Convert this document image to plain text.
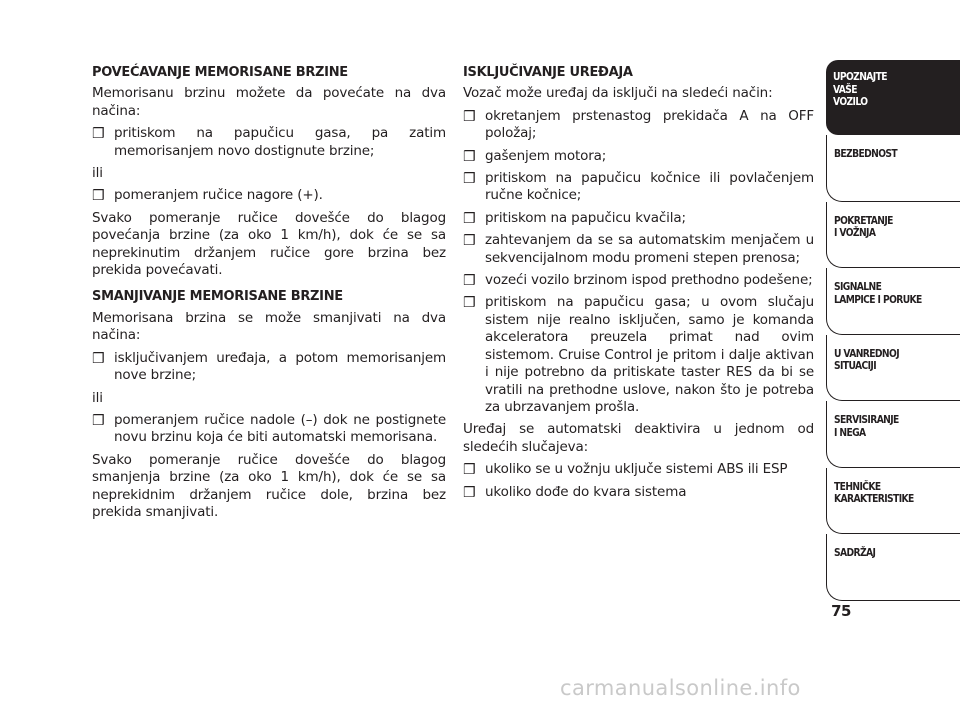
POVEĆAVANJE MEMORISANE BRZINE
Memorisanu brzinu možete da povećate na dva načina:
❒ pritiskom na papučicu gasa, pa zatim memorisanjem novo dostignute brzine;
ili
❒ pomeranjem ručice nagore (+).
Svako pomeranje ručice dovešće do blagog povećanja brzine (za oko 1 km/h), dok će se sa neprekinutim držanjem ručice gore brzina bez prekida povećavati.
SMANJIVANJE MEMORISANE BRZINE
Memorisana brzina se može smanjivati na dva načina:
❒ isključivanjem uređaja, a potom memorisanjem nove brzine;
ili
❒ pomeranjem ručice nadole (–) dok ne postignete novu brzinu koja će biti automatski memorisana.
Svako pomeranje ručice dovešće do blagog smanjenja brzine (za oko 1 km/h), dok će se sa neprekidnim držanjem ručice dole, brzina bez prekida smanjivati.
ISKLJUČIVANJE UREĐAJA
Vozač može uređaj da isključi na sledeći način:
❒ okretanjem prstenastog prekidača A na OFF položaj;
❒ gašenjem motora;
❒ pritiskom na papučicu kočnice ili povlačenjem ručne kočnice;
❒ pritiskom na papučicu kvačila;
❒ zahtevanjem da se sa automatskim menjačem u sekvencijalnom modu promeni stepen prenosa;
❒ vozeći vozilo brzinom ispod prethodno podešene;
❒ pritiskom na papučicu gasa; u ovom slučaju sistem nije realno isključen, samo je komanda akceleratora preuzela primat nad ovim sistemom. Cruise Control je pritom i dalje aktivan i nije potrebno da pritiskate taster RES da bi se vratili na prethodne uslove, nakon što je potreba za ubrzavanjem prošla.
Uređaj se automatski deaktivira u jednom od sledećih slučajeva:
❒ ukoliko se u vožnju uključe sistemi ABS ili ESP
❒ ukoliko dođe do kvara sistema
UPOZNAJTE
VAŠE
VOZILO
BEZBEDNOST
POKRETANJE
I VOŽNJA
SIGNALNE
LAMPICE I PORUKE
U VANREDNOJ
SITUACIJI
SERVISIRANJE
I NEGA
TEHNIČKE
KARAKTERISTIKE
SADRŽAJ
75
carmanualsonline.info
